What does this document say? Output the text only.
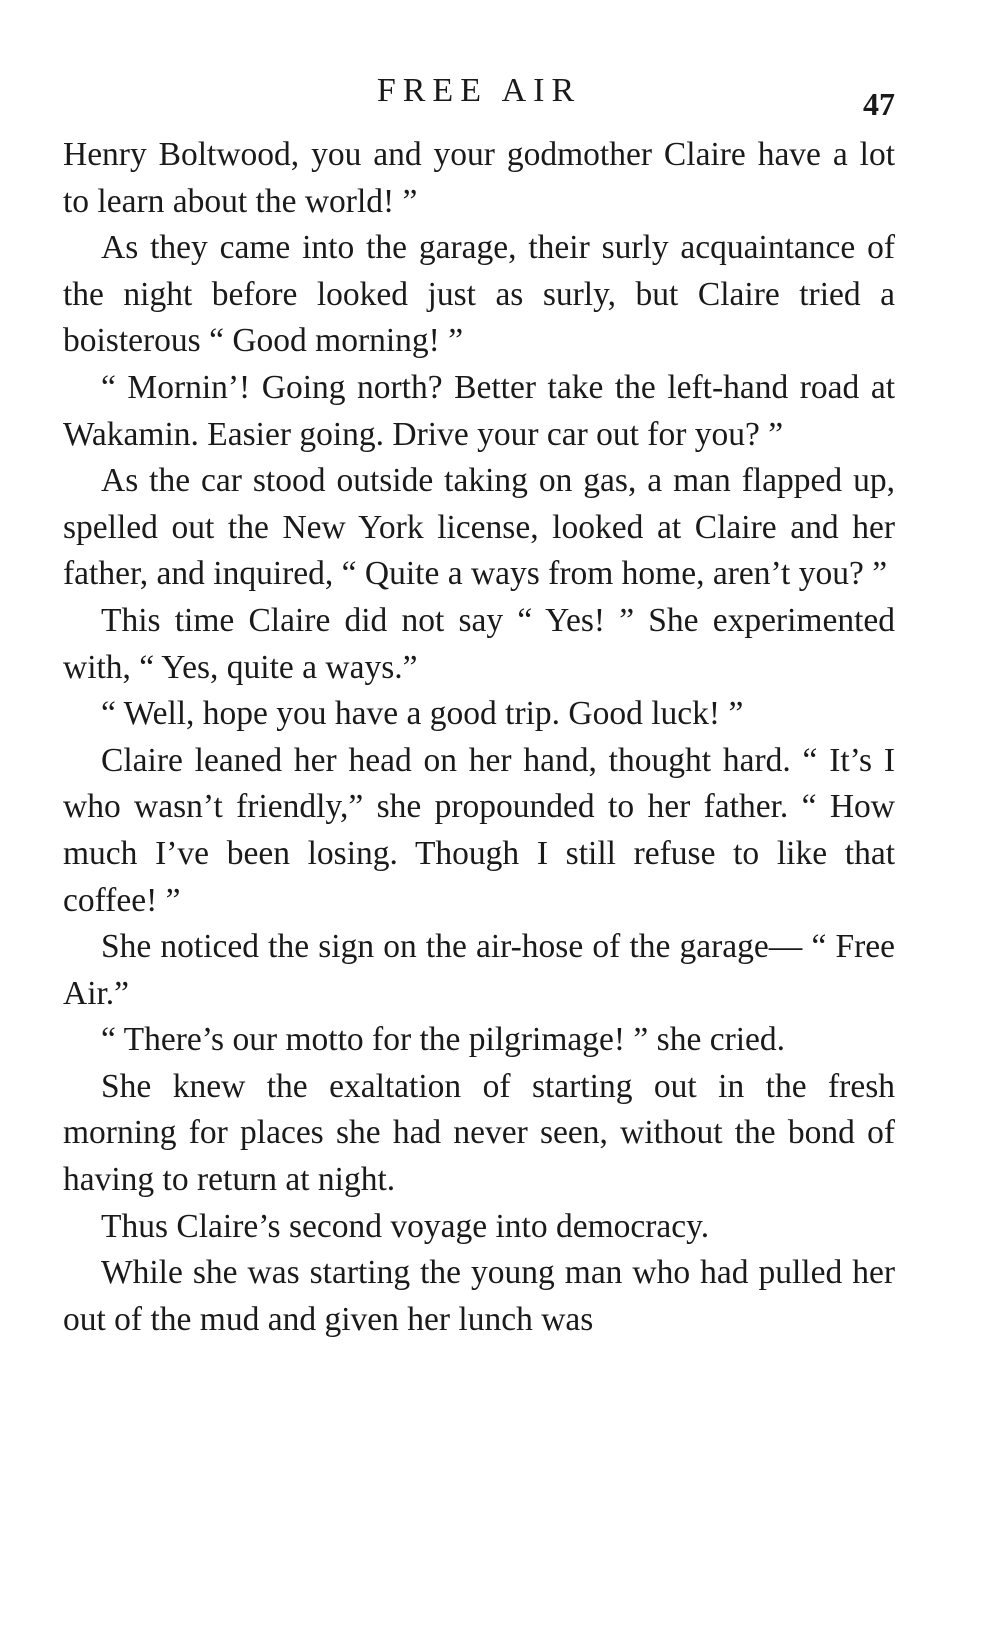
FREE AIR	47

Henry Boltwood, you and your godmother Claire have a lot to learn about the world! ”

As they came into the garage, their surly acquaintance of the night before looked just as surly, but Claire tried a boisterous “ Good morning! ”

“ Mornin’! Going north? Better take the left-hand road at Wakamin. Easier going. Drive your car out for you? ”

As the car stood outside taking on gas, a man flapped up, spelled out the New York license, looked at Claire and her father, and inquired, “ Quite a ways from home, aren’t you? ”

This time Claire did not say “ Yes! ” She experimented with, “ Yes, quite a ways.”

“ Well, hope you have a good trip. Good luck! ”

Claire leaned her head on her hand, thought hard. “ It’s I who wasn’t friendly,” she propounded to her father. “ How much I’ve been losing. Though I still refuse to like that coffee! ”

She noticed the sign on the air-hose of the garage— “ Free Air.”

“ There’s our motto for the pilgrimage! ” she cried.

She knew the exaltation of starting out in the fresh morning for places she had never seen, without the bond of having to return at night.

Thus Claire’s second voyage into democracy.

While she was starting the young man who had pulled her out of the mud and given her lunch was
